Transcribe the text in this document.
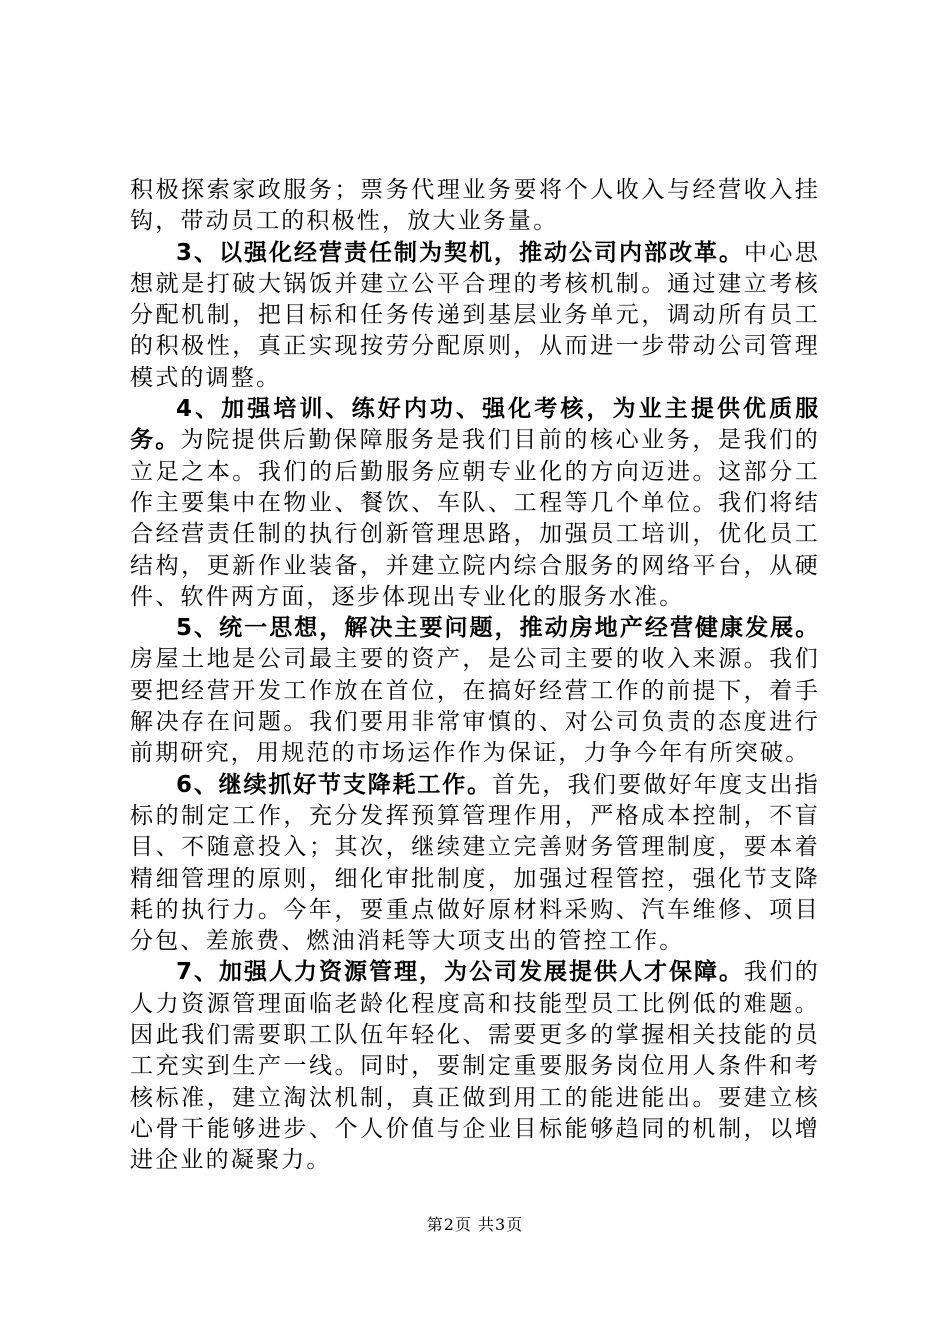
积极探索家政服务；票务代理业务要将个人收入与经营收入挂钩，带动员工的积极性，放大业务量。

3、以强化经营责任制为契机，推动公司内部改革。中心思想就是打破大锅饭并建立公平合理的考核机制。通过建立考核分配机制，把目标和任务传递到基层业务单元，调动所有员工的积极性，真正实现按劳分配原则，从而进一步带动公司管理模式的调整。

4、加强培训、练好内功、强化考核，为业主提供优质服务。为院提供后勤保障服务是我们目前的核心业务，是我们的立足之本。我们的后勤服务应朝专业化的方向迈进。这部分工作主要集中在物业、餐饮、车队、工程等几个单位。我们将结合经营责任制的执行创新管理思路，加强员工培训，优化员工结构，更新作业装备，并建立院内综合服务的网络平台，从硬件、软件两方面，逐步体现出专业化的服务水准。

5、统一思想，解决主要问题，推动房地产经营健康发展。房屋土地是公司最主要的资产，是公司主要的收入来源。我们要把经营开发工作放在首位，在搞好经营工作的前提下，着手解决存在问题。我们要用非常审慎的、对公司负责的态度进行前期研究，用规范的市场运作作为保证，力争今年有所突破。

6、继续抓好节支降耗工作。首先，我们要做好年度支出指标的制定工作，充分发挥预算管理作用，严格成本控制，不盲目、不随意投入；其次，继续建立完善财务管理制度，要本着精细管理的原则，细化审批制度，加强过程管控，强化节支降耗的执行力。今年，要重点做好原材料采购、汽车维修、项目分包、差旅费、燃油消耗等大项支出的管控工作。

7、加强人力资源管理，为公司发展提供人才保障。我们的人力资源管理面临老龄化程度高和技能型员工比例低的难题。因此我们需要职工队伍年轻化、需要更多的掌握相关技能的员工充实到生产一线。同时，要制定重要服务岗位用人条件和考核标准，建立淘汰机制，真正做到用工的能进能出。要建立核心骨干能够进步、个人价值与企业目标能够趋同的机制，以增进企业的凝聚力。

第2页 共3页
